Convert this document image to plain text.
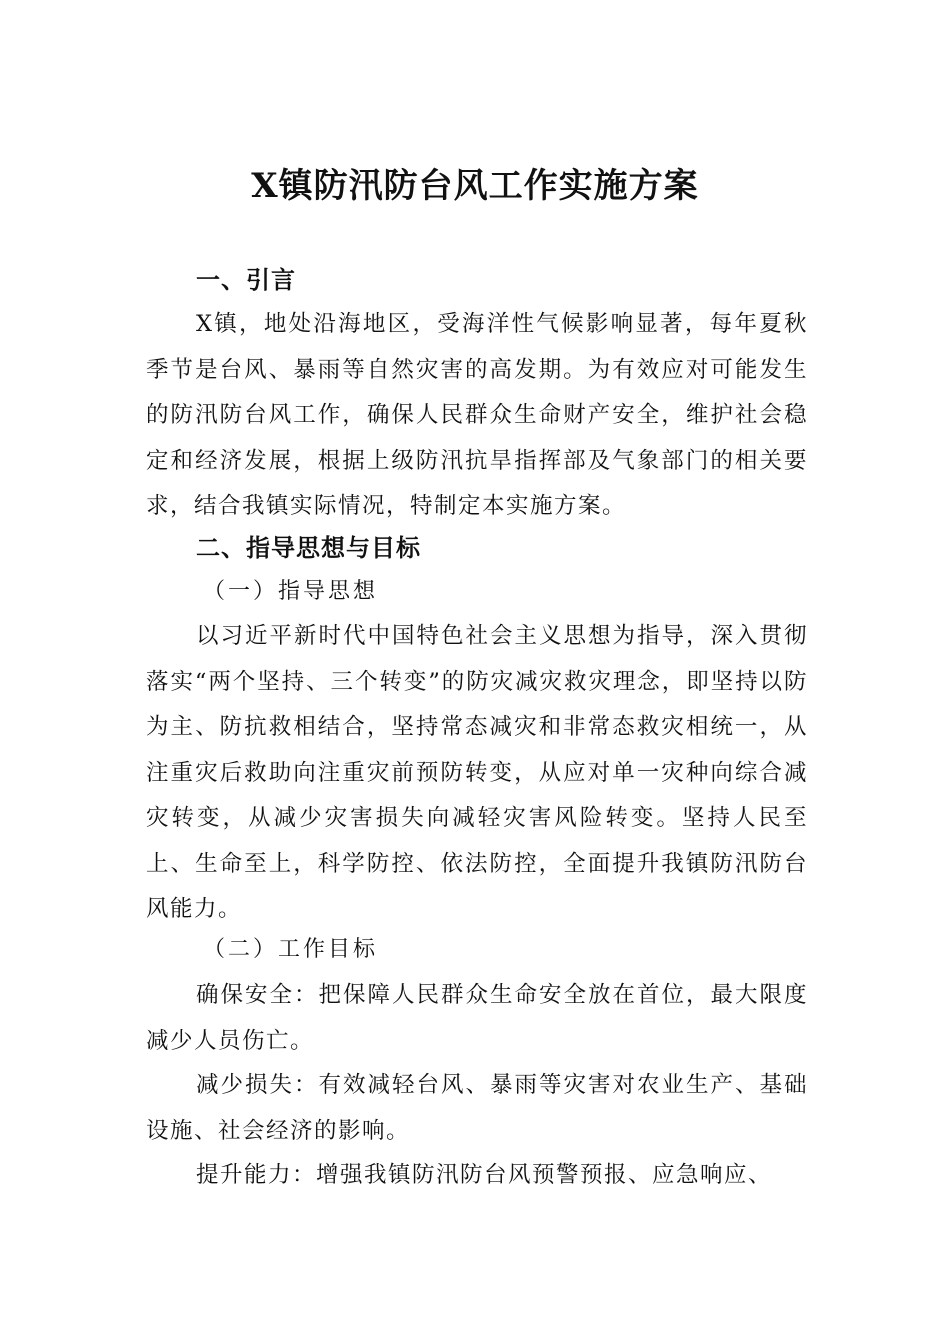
X镇防汛防台风工作实施方案
一、引言

X镇，地处沿海地区，受海洋性气候影响显著，每年夏秋季节是台风、暴雨等自然灾害的高发期。为有效应对可能发生的防汛防台风工作，确保人民群众生命财产安全，维护社会稳定和经济发展，根据上级防汛抗旱指挥部及气象部门的相关要求，结合我镇实际情况，特制定本实施方案。

二、指导思想与目标
（一）指导思想

以习近平新时代中国特色社会主义思想为指导，深入贯彻落实“两个坚持、三个转变”的防灾减灾救灾理念，即坚持以防为主、防抗救相结合，坚持常态减灾和非常态救灾相统一，从注重灾后救助向注重灾前预防转变，从应对单一灾种向综合减灾转变，从减少灾害损失向减轻灾害风险转变。坚持人民至上、生命至上，科学防控、依法防控，全面提升我镇防汛防台风能力。

（二）工作目标

确保安全：把保障人民群众生命安全放在首位，最大限度减少人员伤亡。

减少损失：有效减轻台风、暴雨等灾害对农业生产、基础设施、社会经济的影响。

提升能力：增强我镇防汛防台风预警预报、应急响应、
